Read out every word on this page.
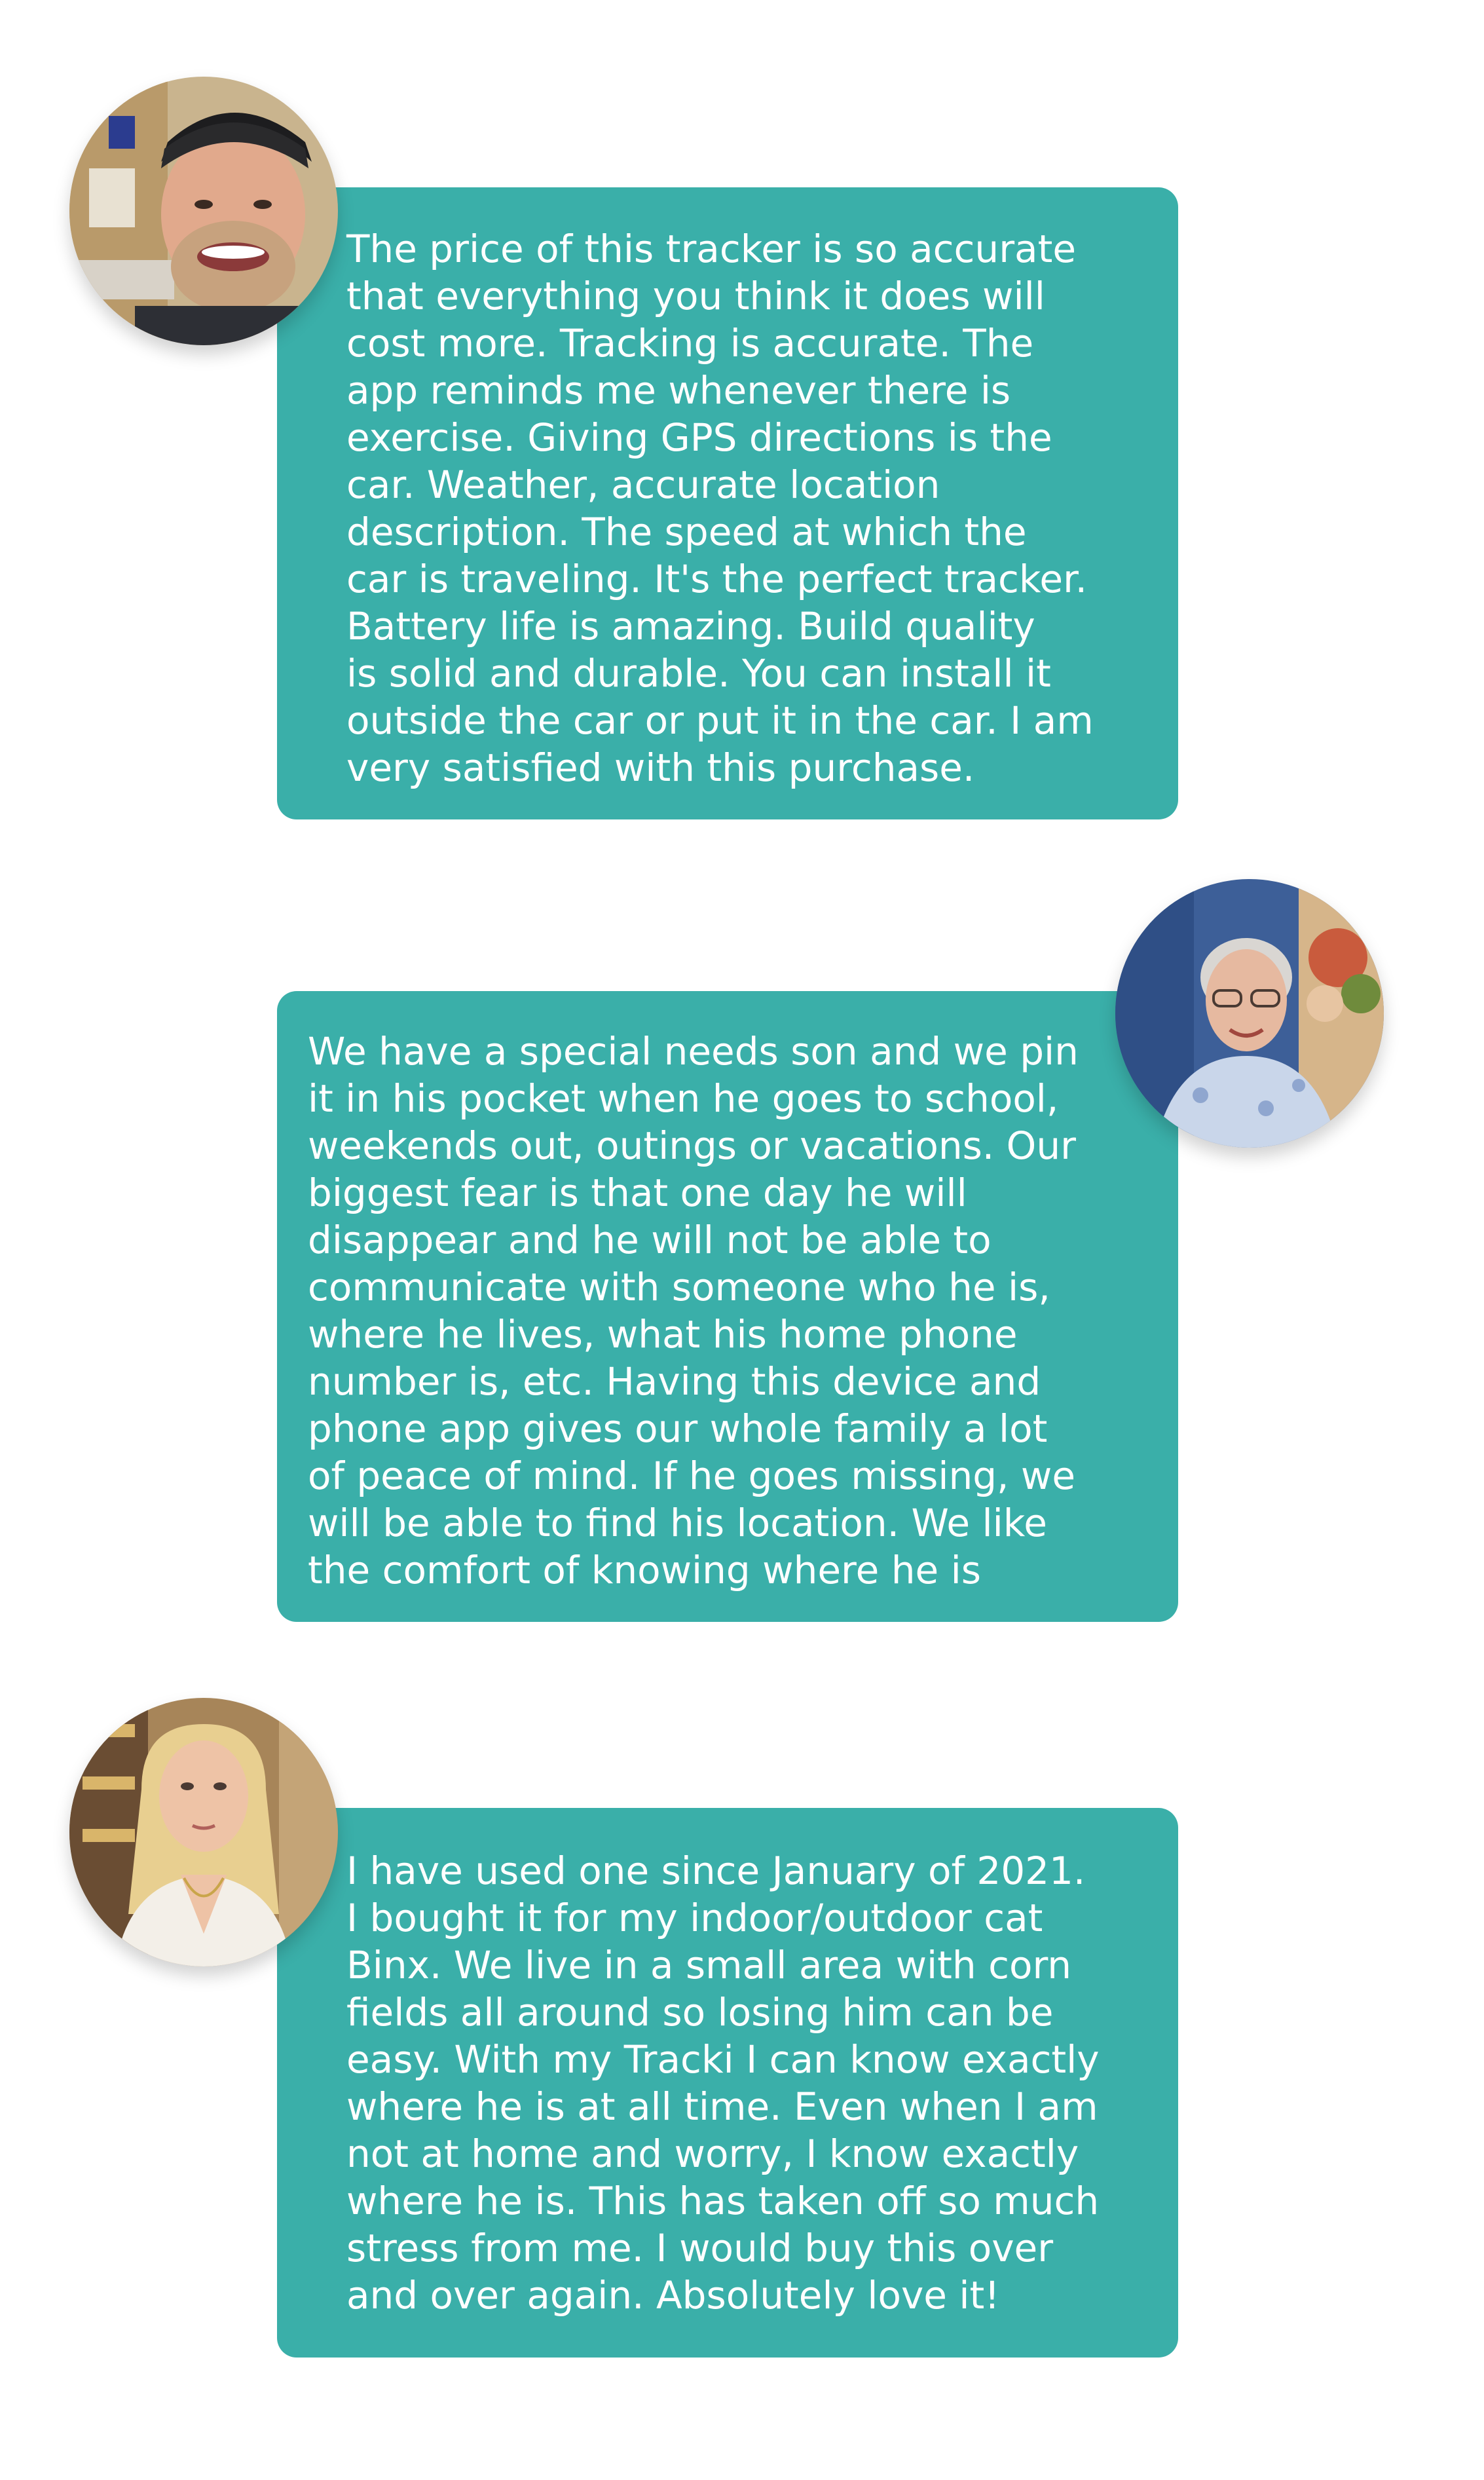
The price of this tracker is so accurate
that everything you think it does will
cost more. Tracking is accurate. The
app reminds me whenever there is
exercise. Giving GPS directions is the
car. Weather, accurate location
description. The speed at which the
car is traveling. It's the perfect tracker.
Battery life is amazing. Build quality
is solid and durable. You can install it
outside the car or put it in the car. I am
very satisfied with this purchase.
We have a special needs son and we pin
it in his pocket when he goes to school,
weekends out, outings or vacations. Our
biggest fear is that one day he will
disappear and he will not be able to
communicate with someone who he is,
where he lives, what his home phone
number is, etc. Having this device and
phone app gives our whole family a lot
of peace of mind. If he goes missing, we
will be able to find his location. We like
the comfort of knowing where he is
I have used one since January of 2021.
I bought it for my indoor/outdoor cat
Binx. We live in a small area with corn
fields all around so losing him can be
easy. With my Tracki I can know exactly
where he is at all time. Even when I am
not at home and worry, I know exactly
where he is. This has taken off so much
stress from me. I would buy this over
and over again. Absolutely love it!
